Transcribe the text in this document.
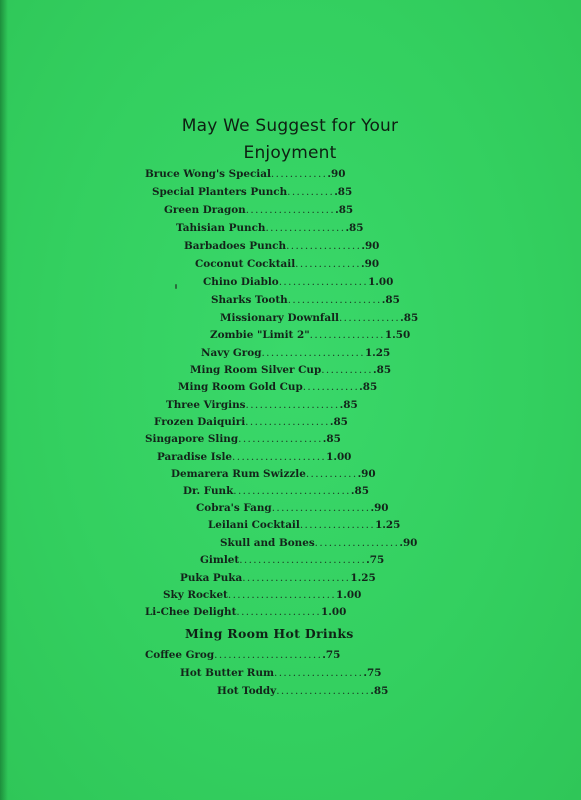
May We Suggest for Your
Enjoyment
Bruce Wong's Special.............90
Special Planters Punch...........85
Green Dragon....................85
Tahisian Punch..................85
Barbadoes Punch.................90
Coconut Cocktail...............90
Chino Diablo...................1.00
Sharks Tooth.....................85
Missionary Downfall..............85
Zombie "Limit 2"................1.50
Navy Grog......................1.25
Ming Room Silver Cup............85
Ming Room Gold Cup.............85
Three Virgins.....................85
Frozen Daiquiri...................85
Singapore Sling...................85
Paradise Isle....................1.00
Demarera Rum Swizzle............90
Dr. Funk..........................85
Cobra's Fang......................90
Leilani Cocktail................1.25
Skull and Bones...................90
Gimlet............................75
Puka Puka.......................1.25
Sky Rocket.......................1.00
Li-Chee Delight..................1.00
Ming Room Hot Drinks
Coffee Grog........................75
Hot Butter Rum....................75
Hot Toddy.....................85
